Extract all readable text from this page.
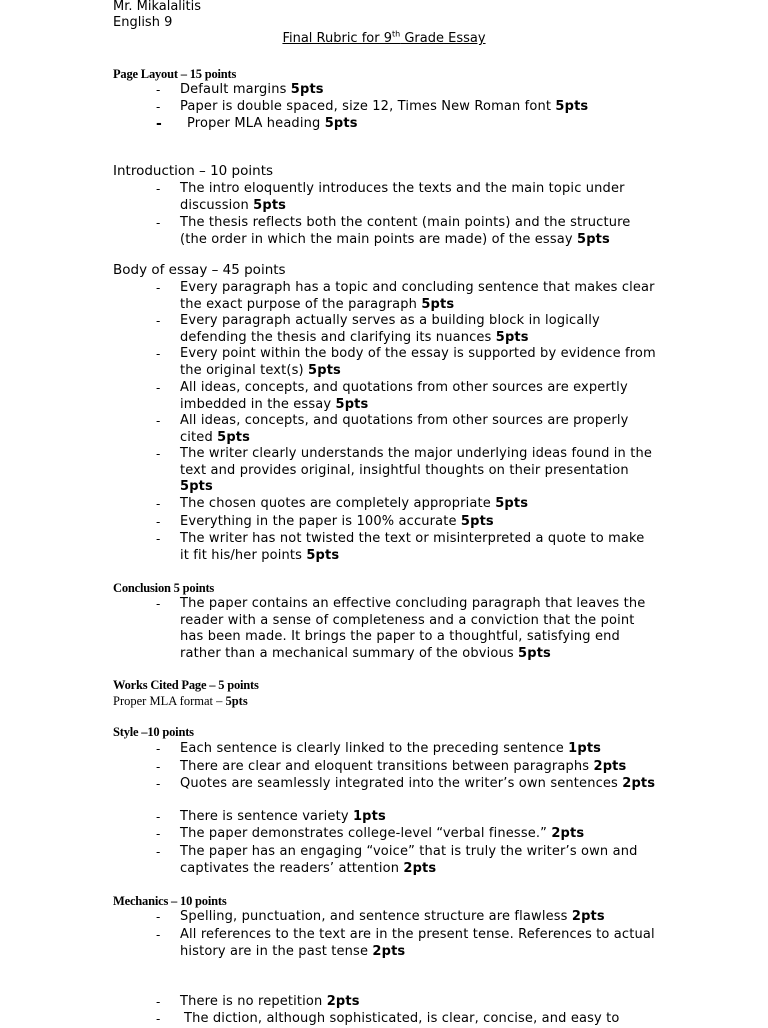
Mr. Mikalalitis
English 9
Final Rubric for 9th Grade Essay
Page Layout – 15 points
-	Default margins 5pts
-	Paper is double spaced, size 12, Times New Roman font 5pts
-	Proper MLA heading 5pts
Introduction – 10 points
-	The intro eloquently introduces the texts and the main topic under discussion 5pts
-	The thesis reflects both the content (main points) and the structure (the order in which the main points are made) of the essay 5pts
Body of essay – 45 points
-	Every paragraph has a topic and concluding sentence that makes clear the exact purpose of the paragraph 5pts
-	Every paragraph actually serves as a building block in logically defending the thesis and clarifying its nuances 5pts
-	Every point within the body of the essay is supported by evidence from the original text(s) 5pts
-	All ideas, concepts, and quotations from other sources are expertly imbedded in the essay 5pts
-	All ideas, concepts, and quotations from other sources are properly cited 5pts
-	The writer clearly understands the major underlying ideas found in the text and provides original, insightful thoughts on their presentation 5pts
-	The chosen quotes are completely appropriate 5pts
-	Everything in the paper is 100% accurate 5pts
-	The writer has not twisted the text or misinterpreted a quote to make it fit his/her points 5pts
Conclusion 5 points
-	The paper contains an effective concluding paragraph that leaves the reader with a sense of completeness and a conviction that the point has been made. It brings the paper to a thoughtful, satisfying end rather than a mechanical summary of the obvious 5pts
Works Cited Page – 5 points
Proper MLA format – 5pts
Style –10 points
-	Each sentence is clearly linked to the preceding sentence 1pts
-	There are clear and eloquent transitions between paragraphs 2pts
-	Quotes are seamlessly integrated into the writer’s own sentences 2pts
-	There is sentence variety 1pts
-	The paper demonstrates college-level “verbal finesse.” 2pts
-	The paper has an engaging “voice” that is truly the writer’s own and captivates the readers’ attention 2pts
Mechanics – 10 points
-	Spelling, punctuation, and sentence structure are flawless 2pts
-	All references to the text are in the present tense. References to actual history are in the past tense 2pts
-	There is no repetition 2pts
-	The diction, although sophisticated, is clear, concise, and easy to
